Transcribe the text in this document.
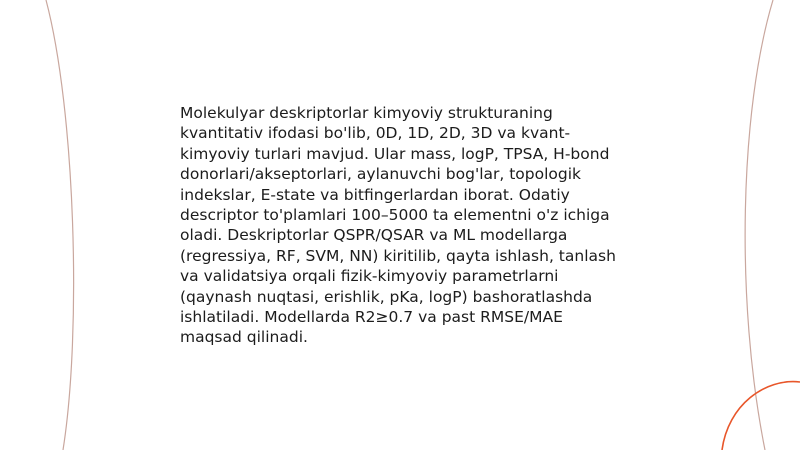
Molekulyar deskriptorlar kimyoviy strukturaning kvantitativ ifodasi bo'lib, 0D, 1D, 2D, 3D va kvant-kimyoviy turlari mavjud. Ular mass, logP, TPSA, H-bond donorlari/akseptorlari, aylanuvchi bog'lar, topologik indekslar, E-state va bitfingerlardan iborat. Odatiy descriptor to'plamlari 100–5000 ta elementni o'z ichiga oladi. Deskriptorlar QSPR/QSAR va ML modellarga (regressiya, RF, SVM, NN) kiritilib, qayta ishlash, tanlash va validatsiya orqali fizik-kimyoviy parametrlarni (qaynash nuqtasi, erishlik, pKa, logP) bashoratlashda ishlatiladi. Modellarda R2≥0.7 va past RMSE/MAE maqsad qilinadi.
